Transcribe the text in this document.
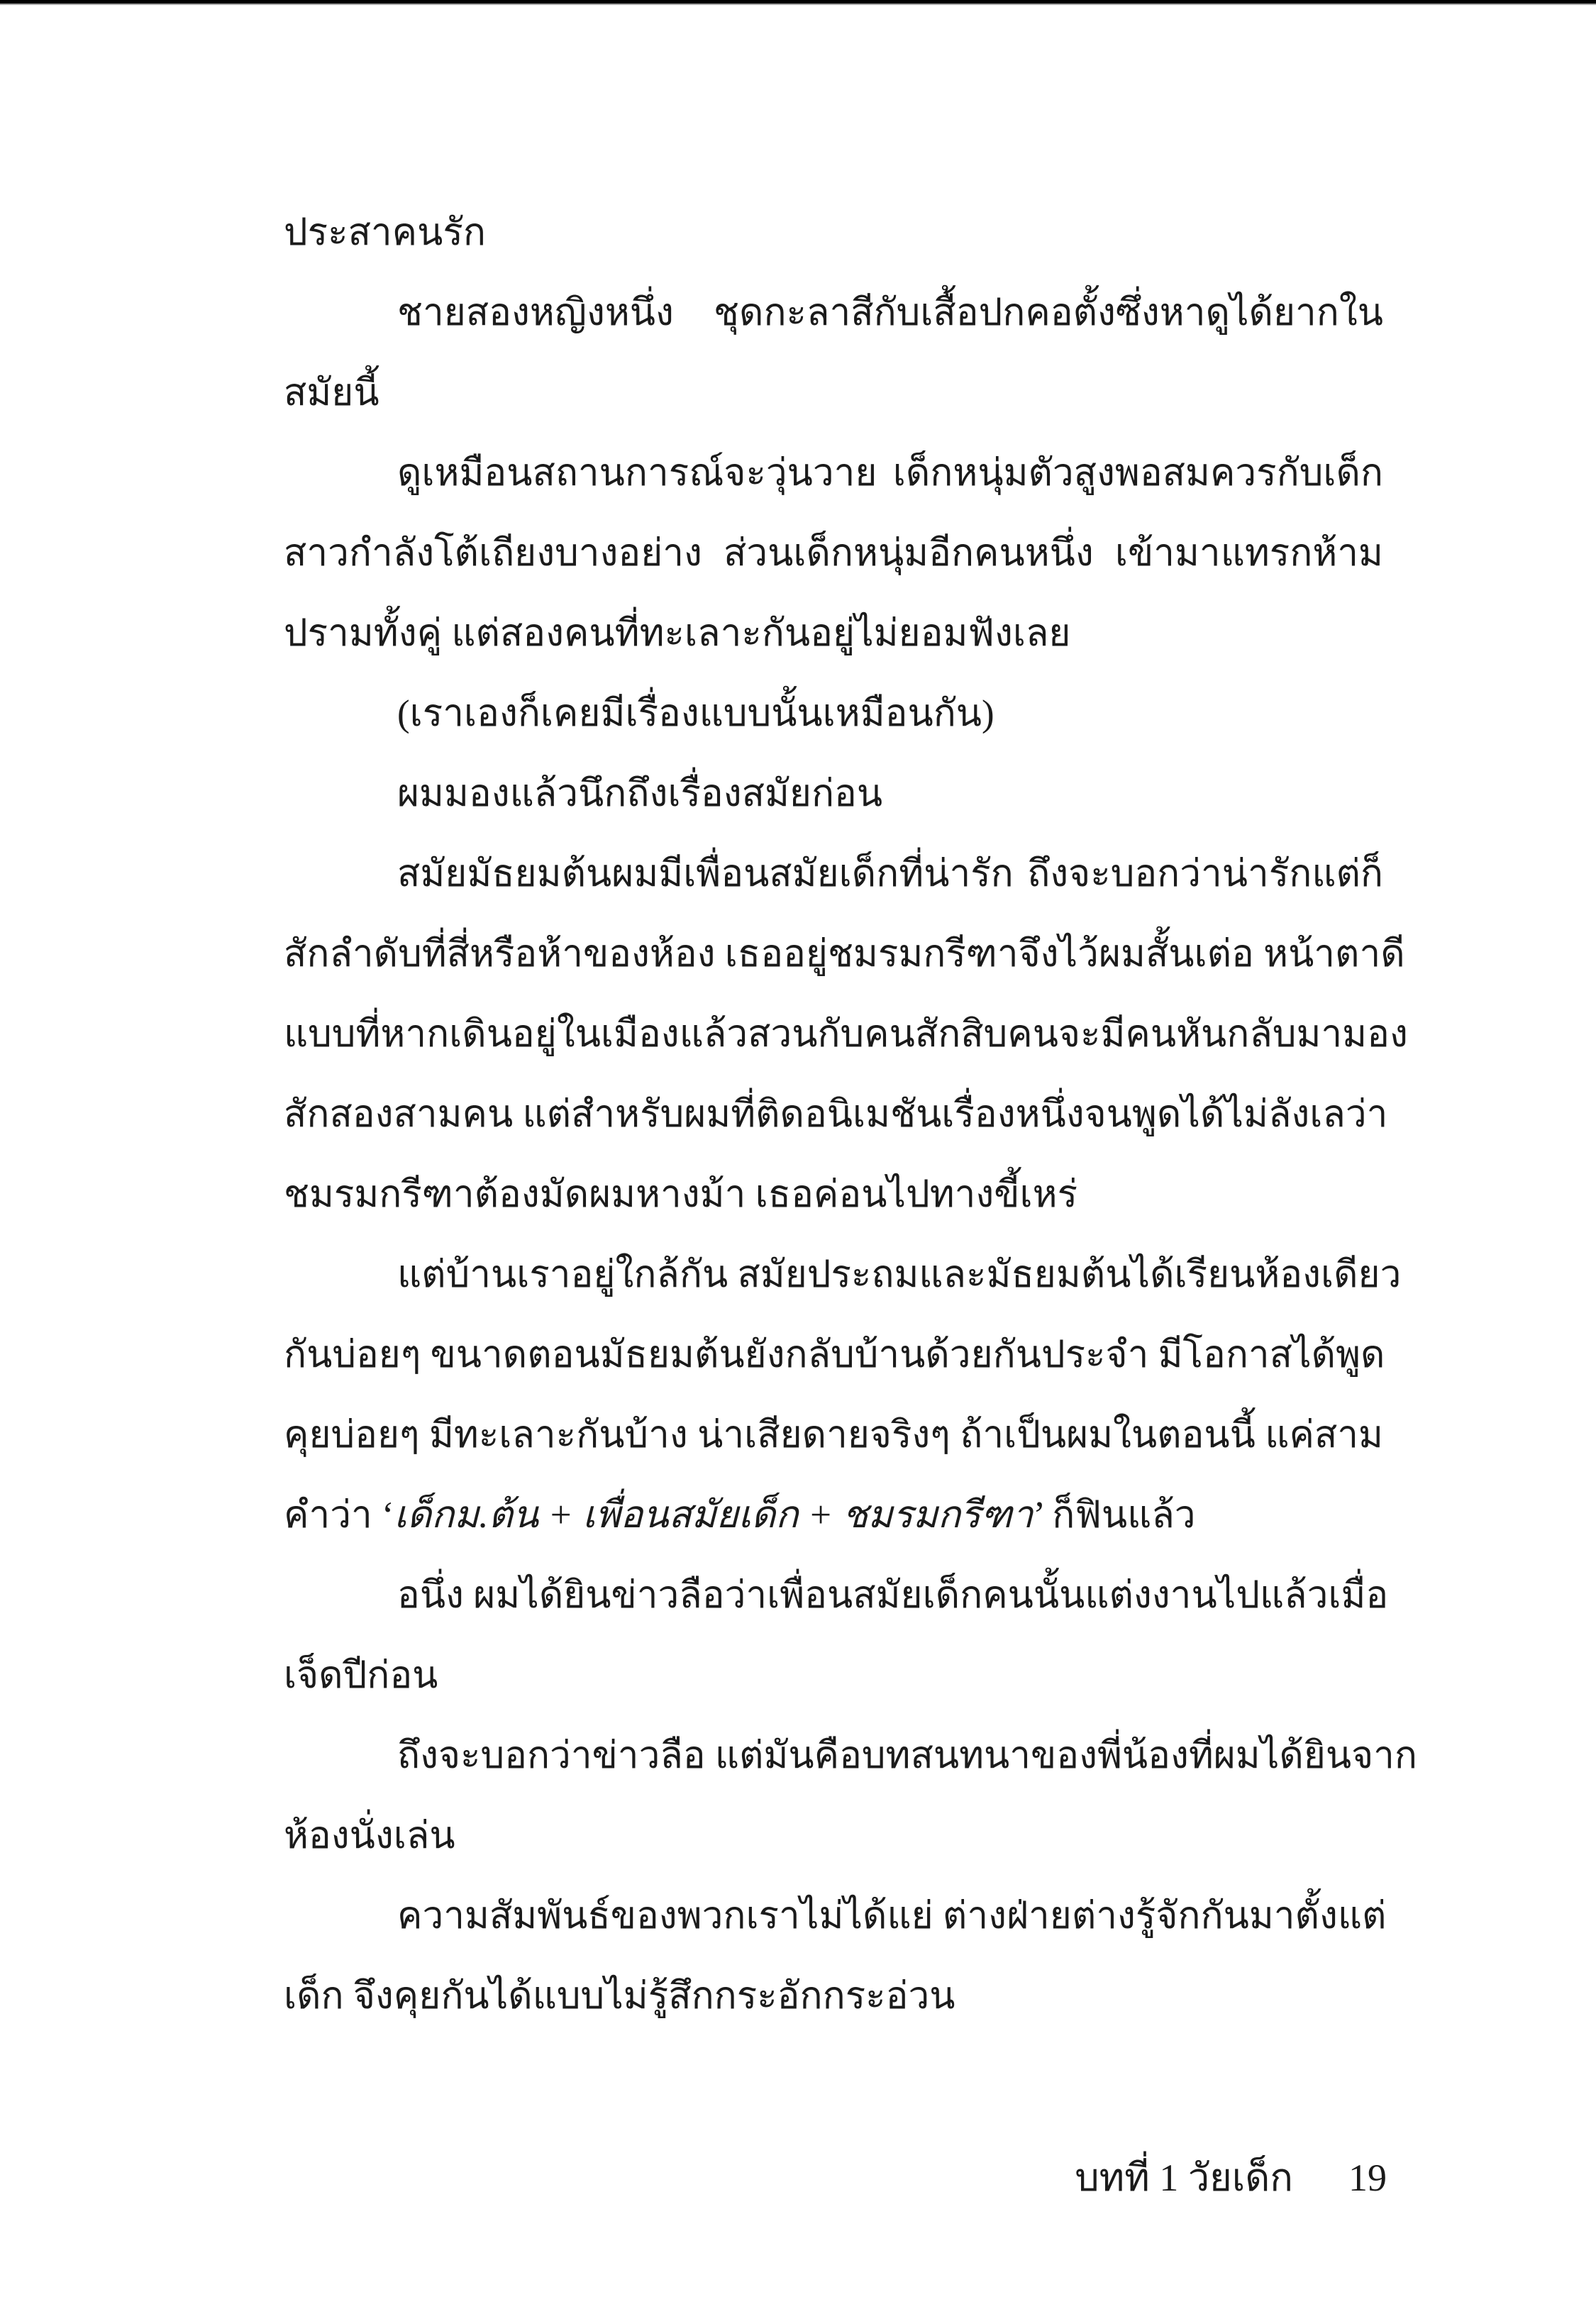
ประสาคนรัก
ชายสองหญิงหนึ่ง ชุดกะลาสีกับเสื้อปกคอตั้งซึ่งหาดูได้ยากใน
สมัยนี้
ดูเหมือนสถานการณ์จะวุ่นวาย เด็กหนุ่มตัวสูงพอสมควรกับเด็ก
สาวกำลังโต้เถียงบางอย่าง ส่วนเด็กหนุ่มอีกคนหนึ่ง เข้ามาแทรกห้าม
ปรามทั้งคู่ แต่สองคนที่ทะเลาะกันอยู่ไม่ยอมฟังเลย
(เราเองก็เคยมีเรื่องแบบนั้นเหมือนกัน)
ผมมองแล้วนึกถึงเรื่องสมัยก่อน
สมัยมัธยมต้นผมมีเพื่อนสมัยเด็กที่น่ารัก ถึงจะบอกว่าน่ารักแต่ก็
สักลำดับที่สี่หรือห้าของห้อง เธออยู่ชมรมกรีฑาจึงไว้ผมสั้นเต่อ หน้าตาดี
แบบที่หากเดินอยู่ในเมืองแล้วสวนกับคนสักสิบคนจะมีคนหันกลับมามอง
สักสองสามคน แต่สำหรับผมที่ติดอนิเมชันเรื่องหนึ่งจนพูดได้ไม่ลังเลว่า
ชมรมกรีฑาต้องมัดผมหางม้า เธอค่อนไปทางขี้เหร่
แต่บ้านเราอยู่ใกล้กัน สมัยประถมและมัธยมต้นได้เรียนห้องเดียว
กันบ่อยๆ ขนาดตอนมัธยมต้นยังกลับบ้านด้วยกันประจำ มีโอกาสได้พูด
คุยบ่อยๆ มีทะเลาะกันบ้าง น่าเสียดายจริงๆ ถ้าเป็นผมในตอนนี้ แค่สาม
คำว่า ‘เด็กม.ต้น + เพื่อนสมัยเด็ก + ชมรมกรีฑา’ ก็ฟินแล้ว
อนึ่ง ผมได้ยินข่าวลือว่าเพื่อนสมัยเด็กคนนั้นแต่งงานไปแล้วเมื่อ
เจ็ดปีก่อน
ถึงจะบอกว่าข่าวลือ แต่มันคือบทสนทนาของพี่น้องที่ผมได้ยินจาก
ห้องนั่งเล่น
ความสัมพันธ์ของพวกเราไม่ได้แย่ ต่างฝ่ายต่างรู้จักกันมาตั้งแต่
เด็ก จึงคุยกันได้แบบไม่รู้สึกกระอักกระอ่วน
บทที่ 1 วัยเด็ก 19
